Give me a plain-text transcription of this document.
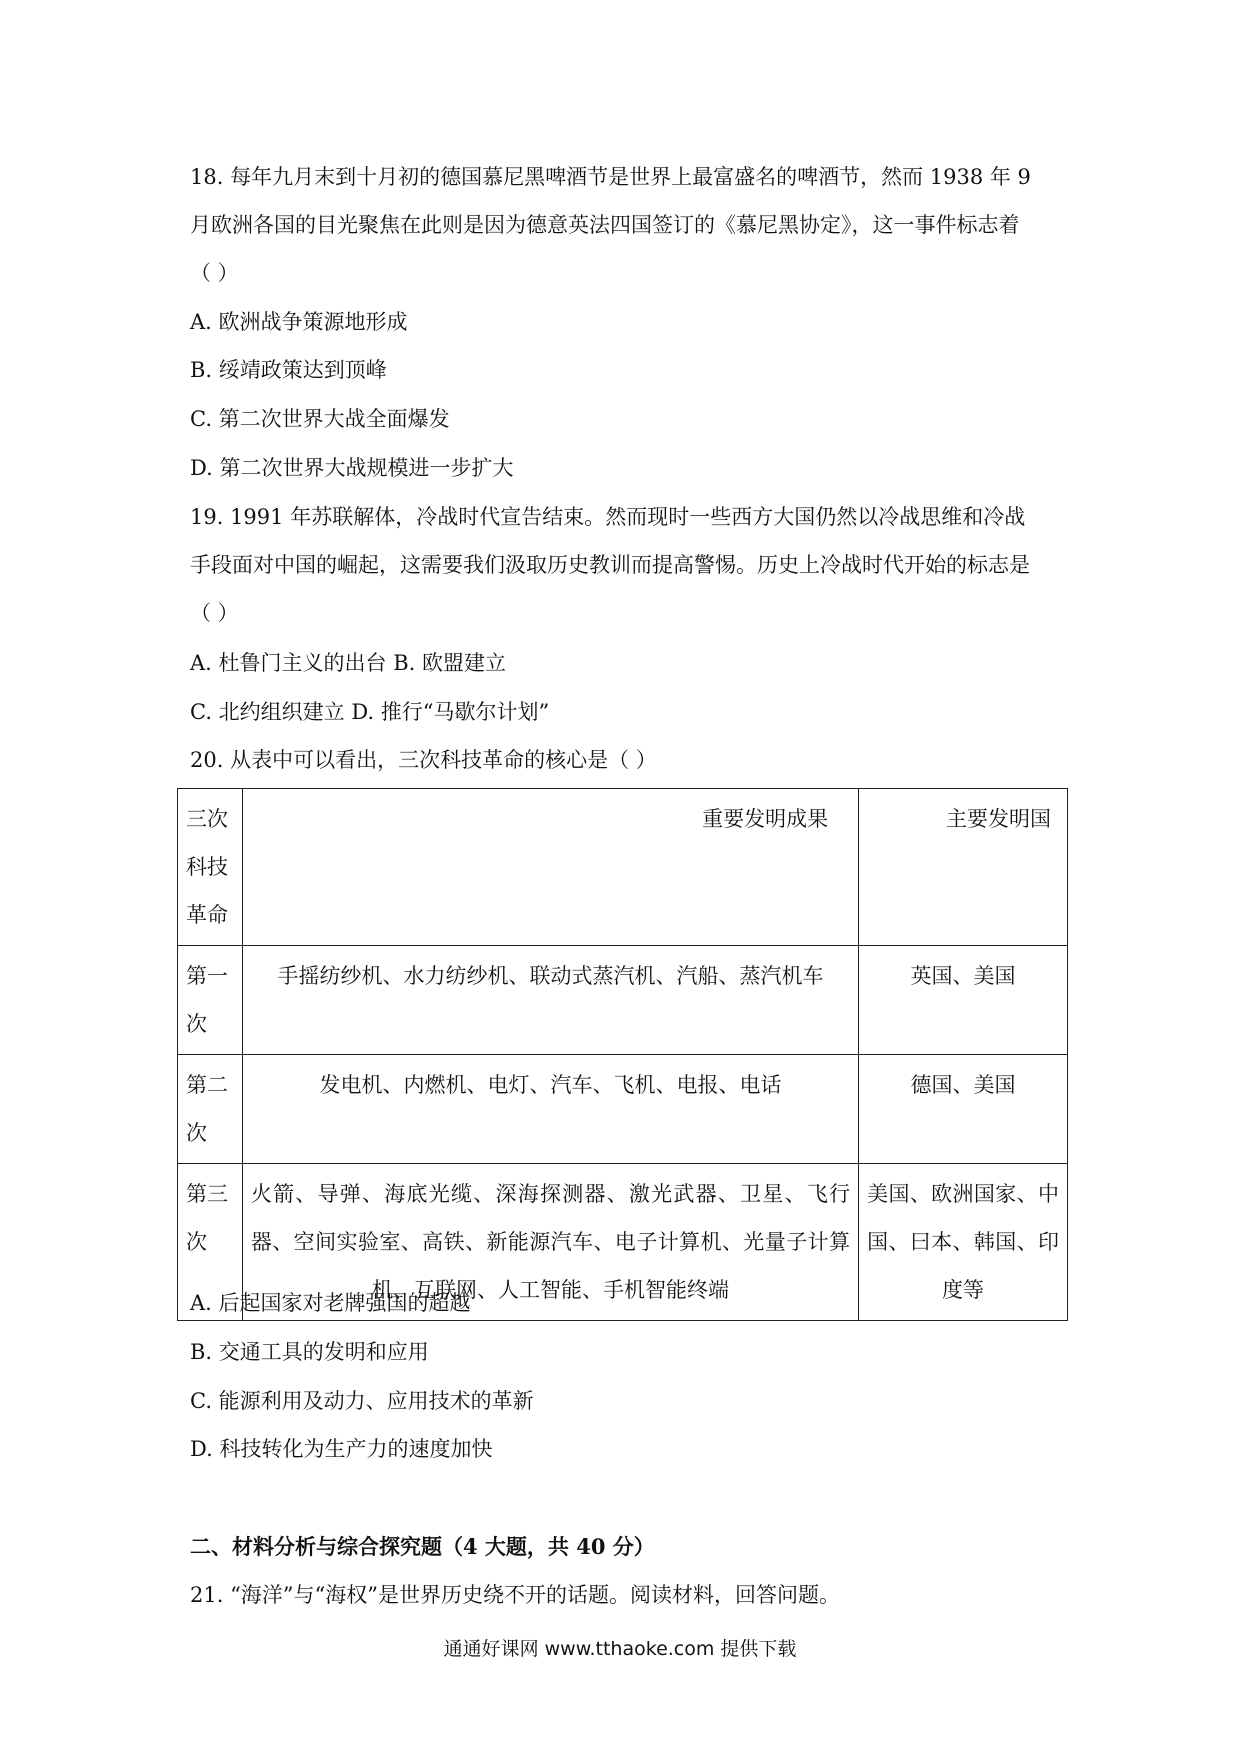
18. 每年九月末到十月初的德国慕尼黑啤酒节是世界上最富盛名的啤酒节，然而 1938 年 9
月欧洲各国的目光聚焦在此则是因为德意英法四国签订的《慕尼黑协定》，这一事件标志着
（ ）
A. 欧洲战争策源地形成
B. 绥靖政策达到顶峰
C. 第二次世界大战全面爆发
D. 第二次世界大战规模进一步扩大
19. 1991 年苏联解体，冷战时代宣告结束。然而现时一些西方大国仍然以冷战思维和冷战
手段面对中国的崛起，这需要我们汲取历史教训而提高警惕。历史上冷战时代开始的标志是
（ ）
A. 杜鲁门主义的出台 B. 欧盟建立
C. 北约组织建立 D. 推行“马歇尔计划”
20. 从表中可以看出，三次科技革命的核心是（ ）
三次科技革命	重要发明成果	主要发明国

第一次	手摇纺纱机、水力纺纱机、联动式蒸汽机、汽船、蒸汽机车	英国、美国

第二次	发电机、内燃机、电灯、汽车、飞机、电报、电话	德国、美国

第三次	火箭、导弹、海底光缆、深海探测器、激光武器、卫星、飞行器、空间实验室、高铁、新能源汽车、电子计算机、光量子计算机、互联网、人工智能、手机智能终端	美国、欧洲国家、中国、曰本、韩国、印度等
A. 后起国家对老牌强国的超越
B. 交通工具的发明和应用
C. 能源利用及动力、应用技术的革新
D. 科技转化为生产力的速度加快
二、材料分析与综合探究题（4 大题，共 40 分）
21. “海洋”与“海权”是世界历史绕不开的话题。阅读材料，回答问题。
通通好课网 www.tthaoke.com 提供下载
